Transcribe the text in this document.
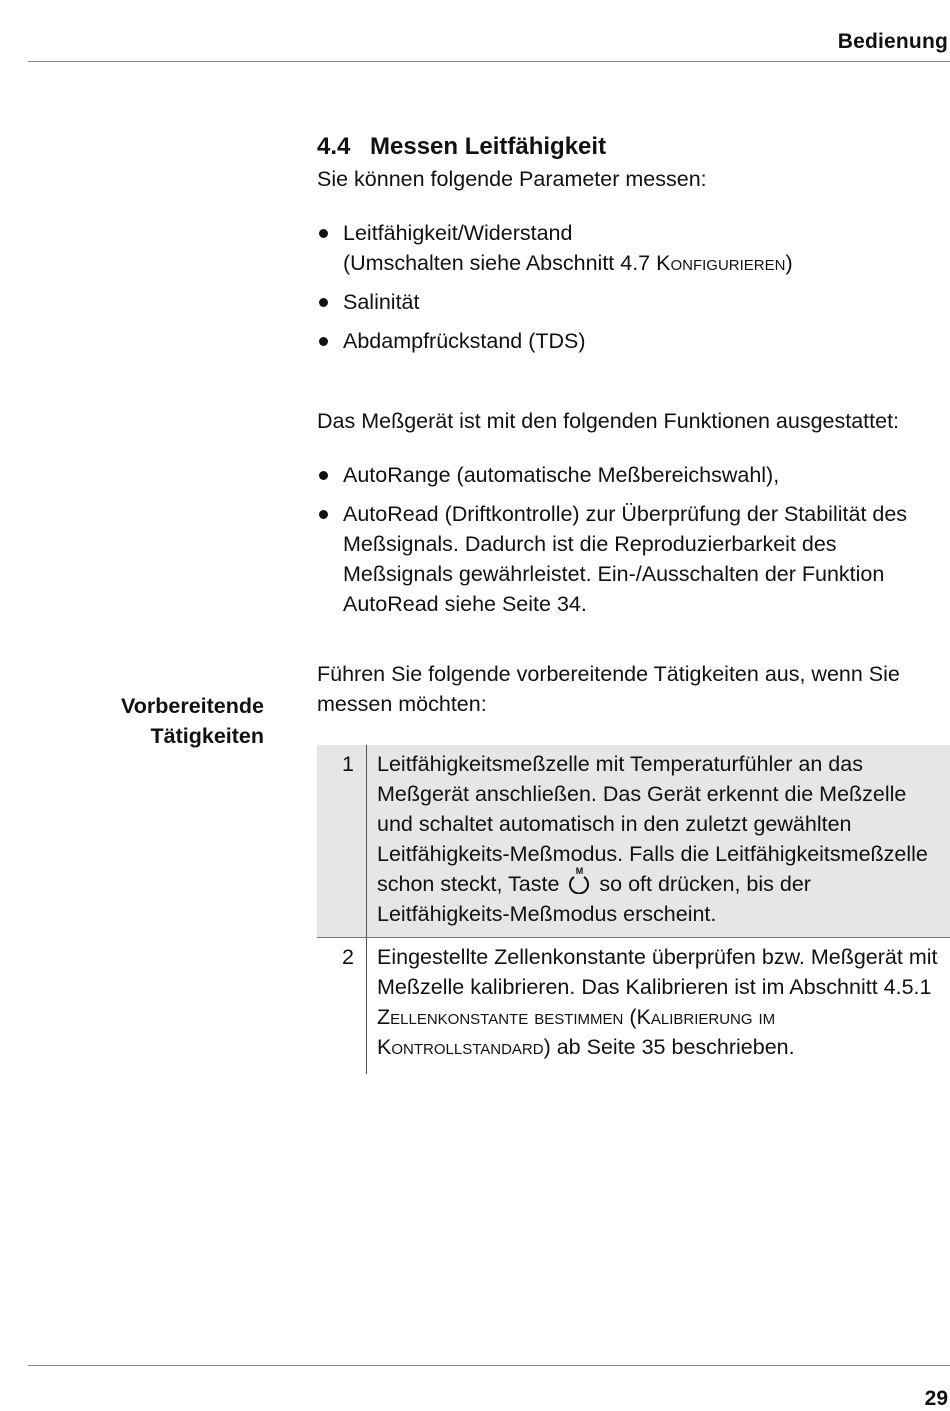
Bedienung
Vorbereitende
Tätigkeiten
4.4 Messen Leitfähigkeit

Sie können folgende Parameter messen:

Leitfähigkeit/Widerstand
(Umschalten siehe Abschnitt 4.7 Konfigurieren)
Salinität
Abdampfrückstand (TDS)

Das Meßgerät ist mit den folgenden Funktionen ausgestattet:

AutoRange (automatische Meßbereichswahl),
AutoRead (Driftkontrolle) zur Überprüfung der Stabilität des Meßsignals. Dadurch ist die Reproduzierbarkeit des Meßsignals gewährleistet. Ein-/Ausschalten der Funktion AutoRead siehe Seite 34.

Führen Sie folgende vorbereitende Tätigkeiten aus, wenn Sie messen möchten:

1	Leitfähigkeitsmeßzelle mit Temperaturfühler an das Meßgerät anschließen. Das Gerät erkennt die Meßzelle und schaltet automatisch in den zuletzt gewählten Leitfähigkeits-Meßmodus. Falls die Leitfähigkeitsmeßzelle schon steckt, Taste
M
so oft drücken, bis der Leitfähigkeits-Meßmodus erscheint.
2	Eingestellte Zellenkonstante überprüfen bzw. Meßgerät mit Meßzelle kalibrieren. Das Kalibrieren ist im Abschnitt 4.5.1 Zellenkonstante bestimmen (Kalibrierung im Kontrollstandard) ab Seite 35 beschrieben.
29
